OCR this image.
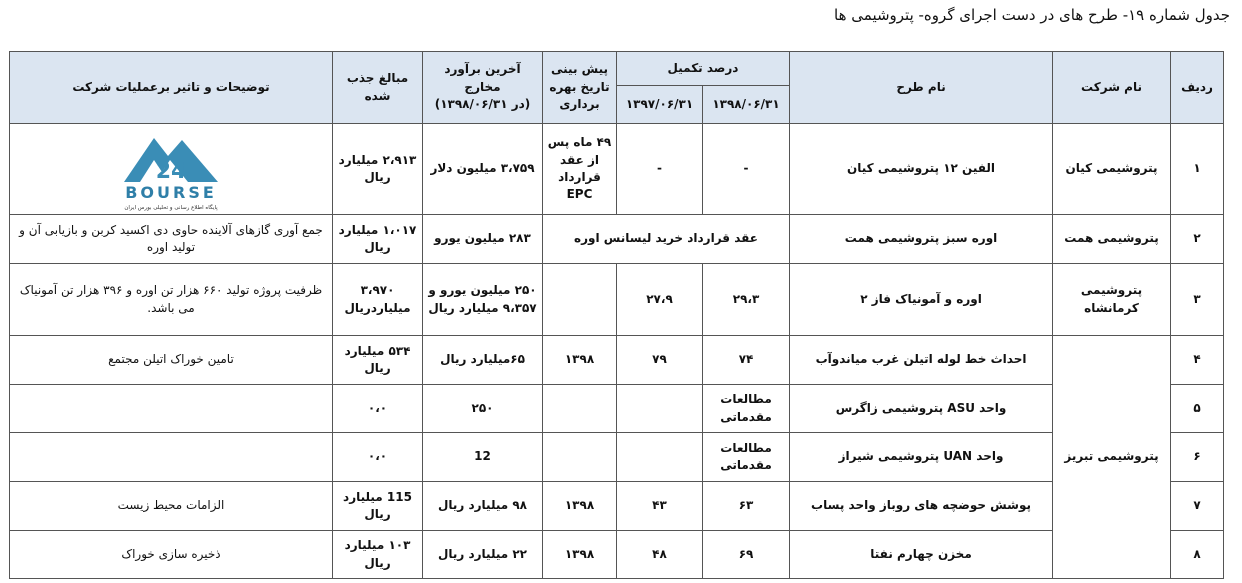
جدول شماره ۱۹- طرح های در دست اجرای گروه- پتروشیمی ها
ردیف	نام شرکت	نام طرح	درصد تکمیل		پیش بینی تاریخ بهره برداری	آخرین برآورد مخارج
(در ۱۳۹۸/۰۶/۳۱)	مبالغ جذب شده	توضیحات و تاثیر برعملیات شرکت
			۱۳۹۸/۰۶/۳۱	۱۳۹۷/۰۶/۳۱				
۱	پتروشیمی کیان	الفین ۱۲ پتروشیمی کیان	-	-	۴۹ ماه پس از عقد قرارداد EPC	۳،۷۵۹ میلیون دلار	۲،۹۱۳ میلیارد ریال	24
BOURSE
پایگاه اطلاع رسانی و تحلیلی بورس ایران

۲	پتروشیمی همت	اوره سبز پتروشیمی همت	عقد قرارداد خرید لیسانس اوره			۲۸۳ میلیون یورو	۱،۰۱۷ میلیارد ریال	جمع آوری گازهای آلاینده حاوی دی اکسید کربن و بازیابی آن و تولید اوره
۳	پتروشیمی کرمانشاه	اوره و آمونیاک فاز ۲	۲۹،۳	۲۷،۹		۲۵۰ میلیون یورو و ۹،۳۵۷ میلیارد ریال	۳،۹۷۰ میلیاردریال	ظرفیت پروژه تولید ۶۶۰ هزار تن اوره و ۳۹۶ هزار تن آمونیاک می باشد.
۴	پتروشیمی تبریز	احداث خط لوله اتیلن غرب میاندوآب	۷۴	۷۹	۱۳۹۸	۶۵میلیارد ریال	۵۳۴ میلیارد ریال	تامین خوراک اتیلن مجتمع
۵		واحد ASU پتروشیمی زاگرس	مطالعات مقدماتی			۲۵۰	۰،۰	
۶		واحد UAN پتروشیمی شیراز	مطالعات مقدماتی			12	۰،۰	
۷		پوشش حوضچه های روباز واحد پساب	۶۳	۴۳	۱۳۹۸	۹۸ میلیارد ریال	115 میلیارد ریال	الزامات محیط زیست
۸		مخزن چهارم نفتا	۶۹	۴۸	۱۳۹۸	۲۲ میلیارد ریال	۱۰۳ میلیارد ریال	ذخیره سازی خوراک
